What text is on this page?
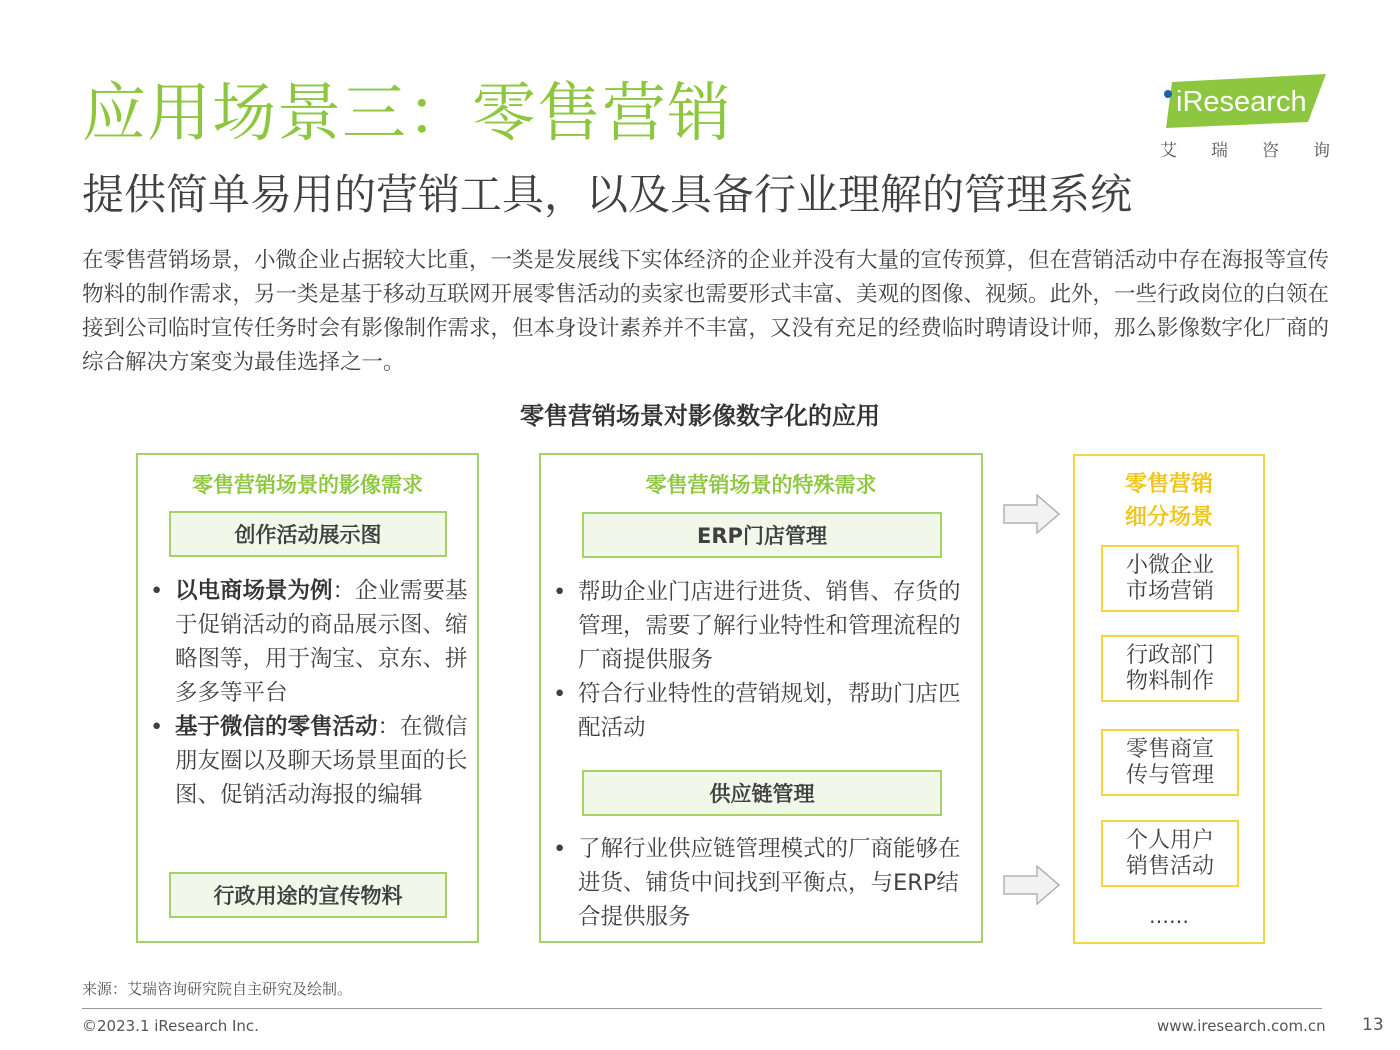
应用场景三：零售营销
提供简单易用的营销工具，以及具备行业理解的管理系统
iResearch
艾 瑞 咨 询
在零售营销场景，小微企业占据较大比重，一类是发展线下实体经济的企业并没有大量的宣传预算，但在营销活动中存在海报等宣传物料的制作需求，另一类是基于移动互联网开展零售活动的卖家也需要形式丰富、美观的图像、视频。此外，一些行政岗位的白领在接到公司临时宣传任务时会有影像制作需求，但本身设计素养并不丰富，又没有充足的经费临时聘请设计师，那么影像数字化厂商的综合解决方案变为最佳选择之一。
零售营销场景对影像数字化的应用
零售营销场景的影像需求
创作活动展示图
• 以电商场景为例：企业需要基于促销活动的商品展示图、缩略图等，用于淘宝、京东、拼多多等平台
• 基于微信的零售活动：在微信朋友圈以及聊天场景里面的长图、促销活动海报的编辑
行政用途的宣传物料
零售营销场景的特殊需求
ERP门店管理
• 帮助企业门店进行进货、销售、存货的管理，需要了解行业特性和管理流程的厂商提供服务
• 符合行业特性的营销规划，帮助门店匹配活动
供应链管理
• 了解行业供应链管理模式的厂商能够在进货、铺货中间找到平衡点，与ERP结合提供服务
零售营销
细分场景
小微企业
市场营销
行政部门
物料制作
零售商宣
传与管理
个人用户
销售活动
……
来源：艾瑞咨询研究院自主研究及绘制。
©2023.1 iResearch Inc.	www.iresearch.com.cn 13
